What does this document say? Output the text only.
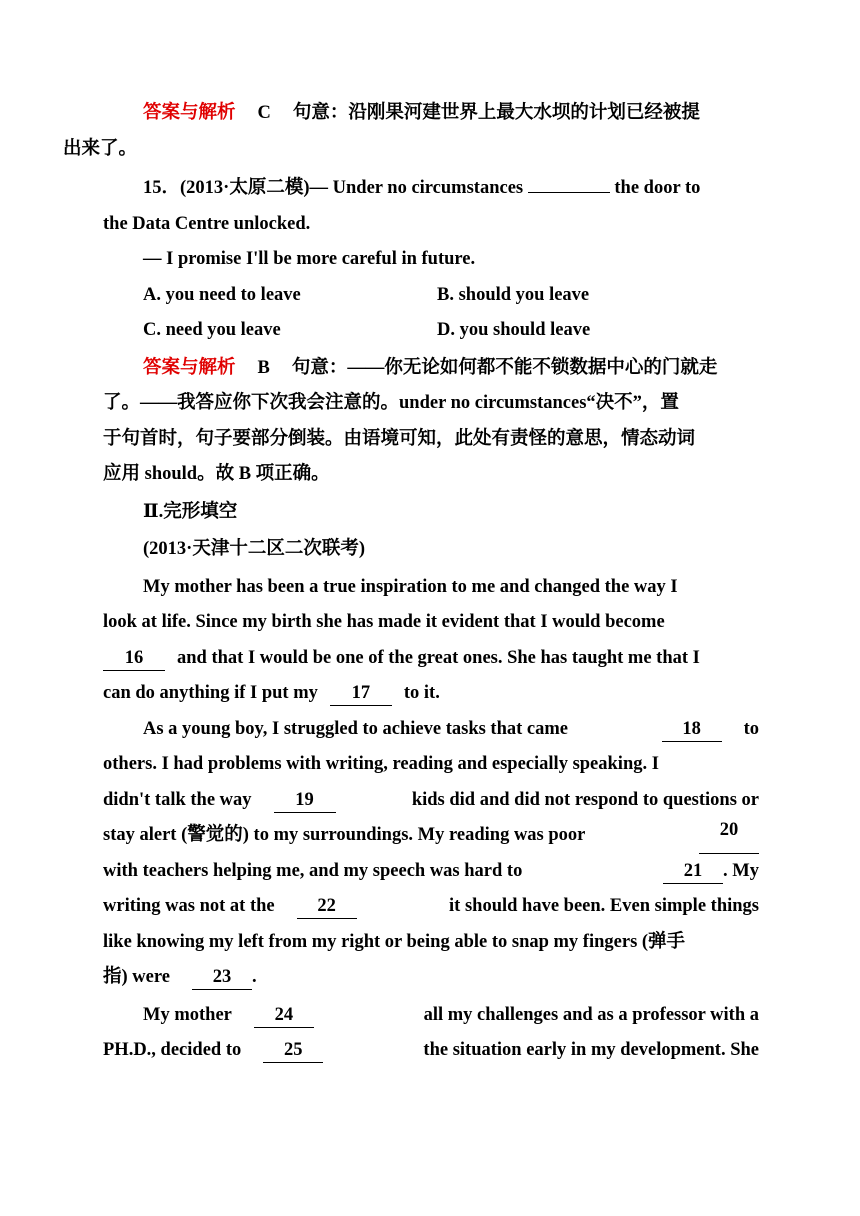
答案与解析 C 句意：沿刚果河建世界上最大水坝的计划已经被提
出来了。

15．(2013·太原二模)— Under no circumstances	the door to
the Data Centre unlocked.

— I promise I'll be more careful in future.

A. you need to leave	B. should you leave
C. need you leave	D. you should leave
答案与解析 B 句意：——你无论如何都不能不锁数据中心的门就走
了。——我答应你下次我会注意的。under no circumstances“决不”，置
于句首时，句子要部分倒装。由语境可知，此处有责怪的意思，情态动词
应用 should。故 B 项正确。

Ⅱ.完形填空

(2013·天津十二区二次联考)

My mother has been a true inspiration to me and changed the way I
look at life. Since my birth she has made it evident that I would become
16 and that I would be one of the great ones. She has taught me that I
can do anything if I put my 17 to it.
As a young boy, I struggled to achieve tasks that came	18 to
others. I had problems with writing, reading and especially speaking. I
didn't talk the way 19	kids did and did not respond to questions or
stay alert (警觉的) to my surroundings. My reading was poor	20
with teachers helping me, and my speech was hard to	21 . My
writing was not at the 22	it should have been. Even simple things
like knowing my left from my right or being able to snap my fingers (弹手
指) were 23 .
My mother 24	all my challenges and as a professor with a
PH.D., decided to 25	the situation early in my development. She
